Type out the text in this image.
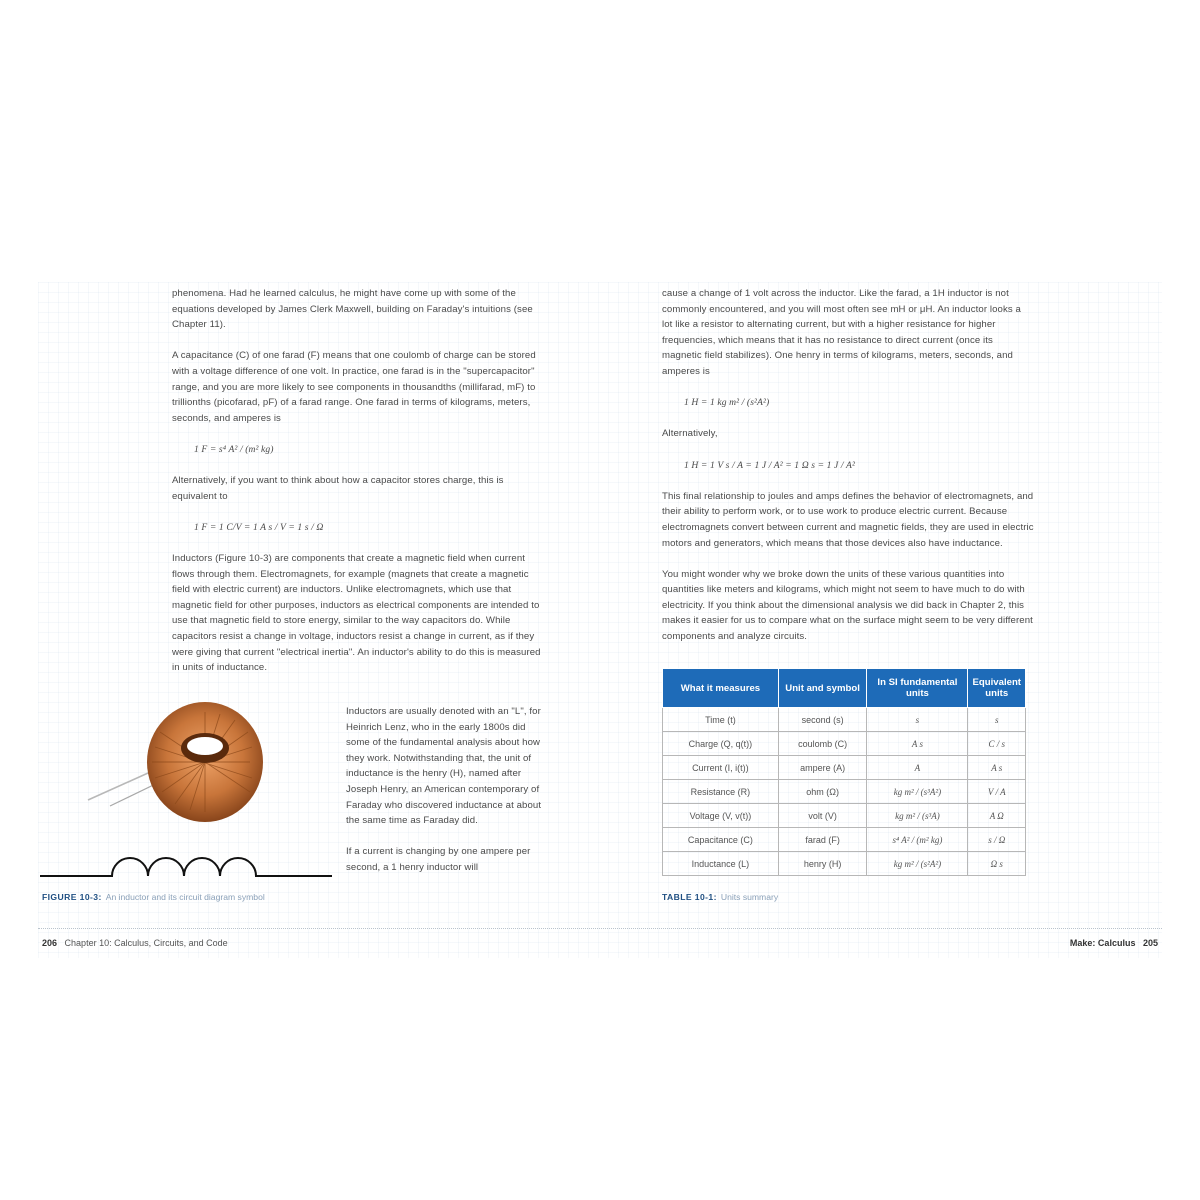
phenomena. Had he learned calculus, he might have come up with some of the equations developed by James Clerk Maxwell, building on Faraday's intuitions (see Chapter 11).

A capacitance (C) of one farad (F) means that one coulomb of charge can be stored with a voltage difference of one volt. In practice, one farad is in the "supercapacitor" range, and you are more likely to see components in thousandths (millifarad, mF) to trillionths (picofarad, pF) of a farad range. One farad in terms of kilograms, meters, seconds, and amperes is

1 F = s⁴ A² / (m² kg)

Alternatively, if you want to think about how a capacitor stores charge, this is equivalent to

1 F = 1 C/V = 1 A s / V = 1 s / Ω

Inductors (Figure 10-3) are components that create a magnetic field when current flows through them. Electromagnets, for example (magnets that create a magnetic field with electric current) are inductors. Unlike electromagnets, which use that magnetic field for other purposes, inductors as electrical components are intended to use that magnetic field to store energy, similar to the way capacitors do. While capacitors resist a change in voltage, inductors resist a change in current, as if they were giving that current "electrical inertia". An inductor's ability to do this is measured in units of inductance.

Inductors are usually denoted with an "L", for Heinrich Lenz, who in the early 1800s did some of the fundamental analysis about how they work. Notwithstanding that, the unit of inductance is the henry (H), named after Joseph Henry, an American contemporary of Faraday who discovered inductance at about the same time as Faraday did.

If a current is changing by one ampere per second, a 1 henry inductor will

FIGURE 10-3: An inductor and its circuit diagram symbol

cause a change of 1 volt across the inductor. Like the farad, a 1H inductor is not commonly encountered, and you will most often see mH or μH. An inductor looks a lot like a resistor to alternating current, but with a higher resistance for higher frequencies, which means that it has no resistance to direct current (once its magnetic field stabilizes). One henry in terms of kilograms, meters, seconds, and amperes is

1 H = 1 kg m² / (s²A²)

Alternatively,

1 H = 1 V s / A = 1 J / A² = 1 Ω s = 1 J / A²

This final relationship to joules and amps defines the behavior of electromagnets, and their ability to perform work, or to use work to produce electric current. Because electromagnets convert between current and magnetic fields, they are used in electric motors and generators, which means that those devices also have inductance.

You might wonder why we broke down the units of these various quantities into quantities like meters and kilograms, which might not seem to have much to do with electricity. If you think about the dimensional analysis we did back in Chapter 2, this makes it easier for us to compare what on the surface might seem to be very different components and analyze circuits.

What it measures	Unit and symbol	In SI fundamental units	Equivalent units
Time (t)	second (s)	s	s
Charge (Q, q(t))	coulomb (C)	A s	C / s
Current (I, i(t))	ampere (A)	A	A s
Resistance (R)	ohm (Ω)	kg m² / (s³A²)	V / A
Voltage (V, v(t))	volt (V)	kg m² / (s³A)	A Ω
Capacitance (C)	farad (F)	s⁴ A² / (m² kg)	s / Ω
Inductance (L)	henry (H)	kg m² / (s²A²)	Ω s
TABLE 10-1: Units summary
206 Chapter 10: Calculus, Circuits, and Code	Make: Calculus 205
